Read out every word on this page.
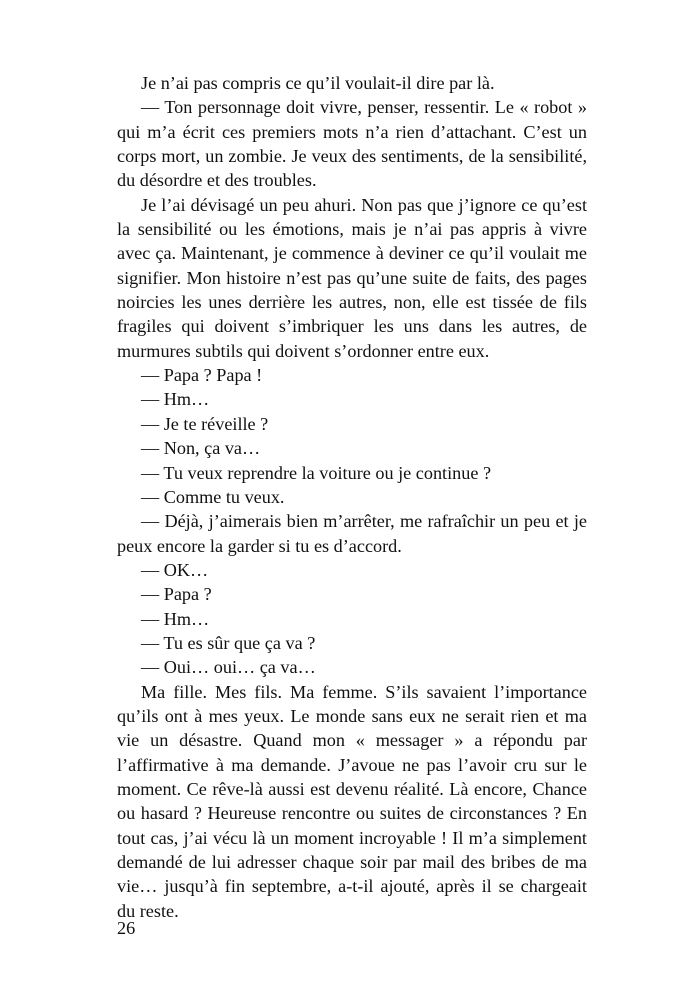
Je n’ai pas compris ce qu’il voulait-il dire par là.

— Ton personnage doit vivre, penser, ressentir. Le « robot » qui m’a écrit ces premiers mots n’a rien d’attachant. C’est un corps mort, un zombie. Je veux des sentiments, de la sensibilité, du désordre et des troubles.

Je l’ai dévisagé un peu ahuri. Non pas que j’ignore ce qu’est la sensibilité ou les émotions, mais je n’ai pas appris à vivre avec ça. Maintenant, je commence à deviner ce qu’il voulait me signifier. Mon histoire n’est pas qu’une suite de faits, des pages noircies les unes derrière les autres, non, elle est tissée de fils fragiles qui doivent s’imbriquer les uns dans les autres, de murmures subtils qui doivent s’ordonner entre eux.

— Papa ? Papa !

— Hm…

— Je te réveille ?

— Non, ça va…

— Tu veux reprendre la voiture ou je continue ?

— Comme tu veux.

— Déjà, j’aimerais bien m’arrêter, me rafraîchir un peu et je peux encore la garder si tu es d’accord.

— OK…

— Papa ?

— Hm…

— Tu es sûr que ça va ?

— Oui… oui… ça va…

Ma fille. Mes fils. Ma femme. S’ils savaient l’importance qu’ils ont à mes yeux. Le monde sans eux ne serait rien et ma vie un désastre. Quand mon « messager » a répondu par l’affirmative à ma demande. J’avoue ne pas l’avoir cru sur le moment. Ce rêve-là aussi est devenu réalité. Là encore, Chance ou hasard ? Heureuse rencontre ou suites de circonstances ? En tout cas, j’ai vécu là un moment incroyable ! Il m’a simplement demandé de lui adresser chaque soir par mail des bribes de ma vie… jusqu’à fin septembre, a-t-il ajouté, après il se chargeait du reste.

26
